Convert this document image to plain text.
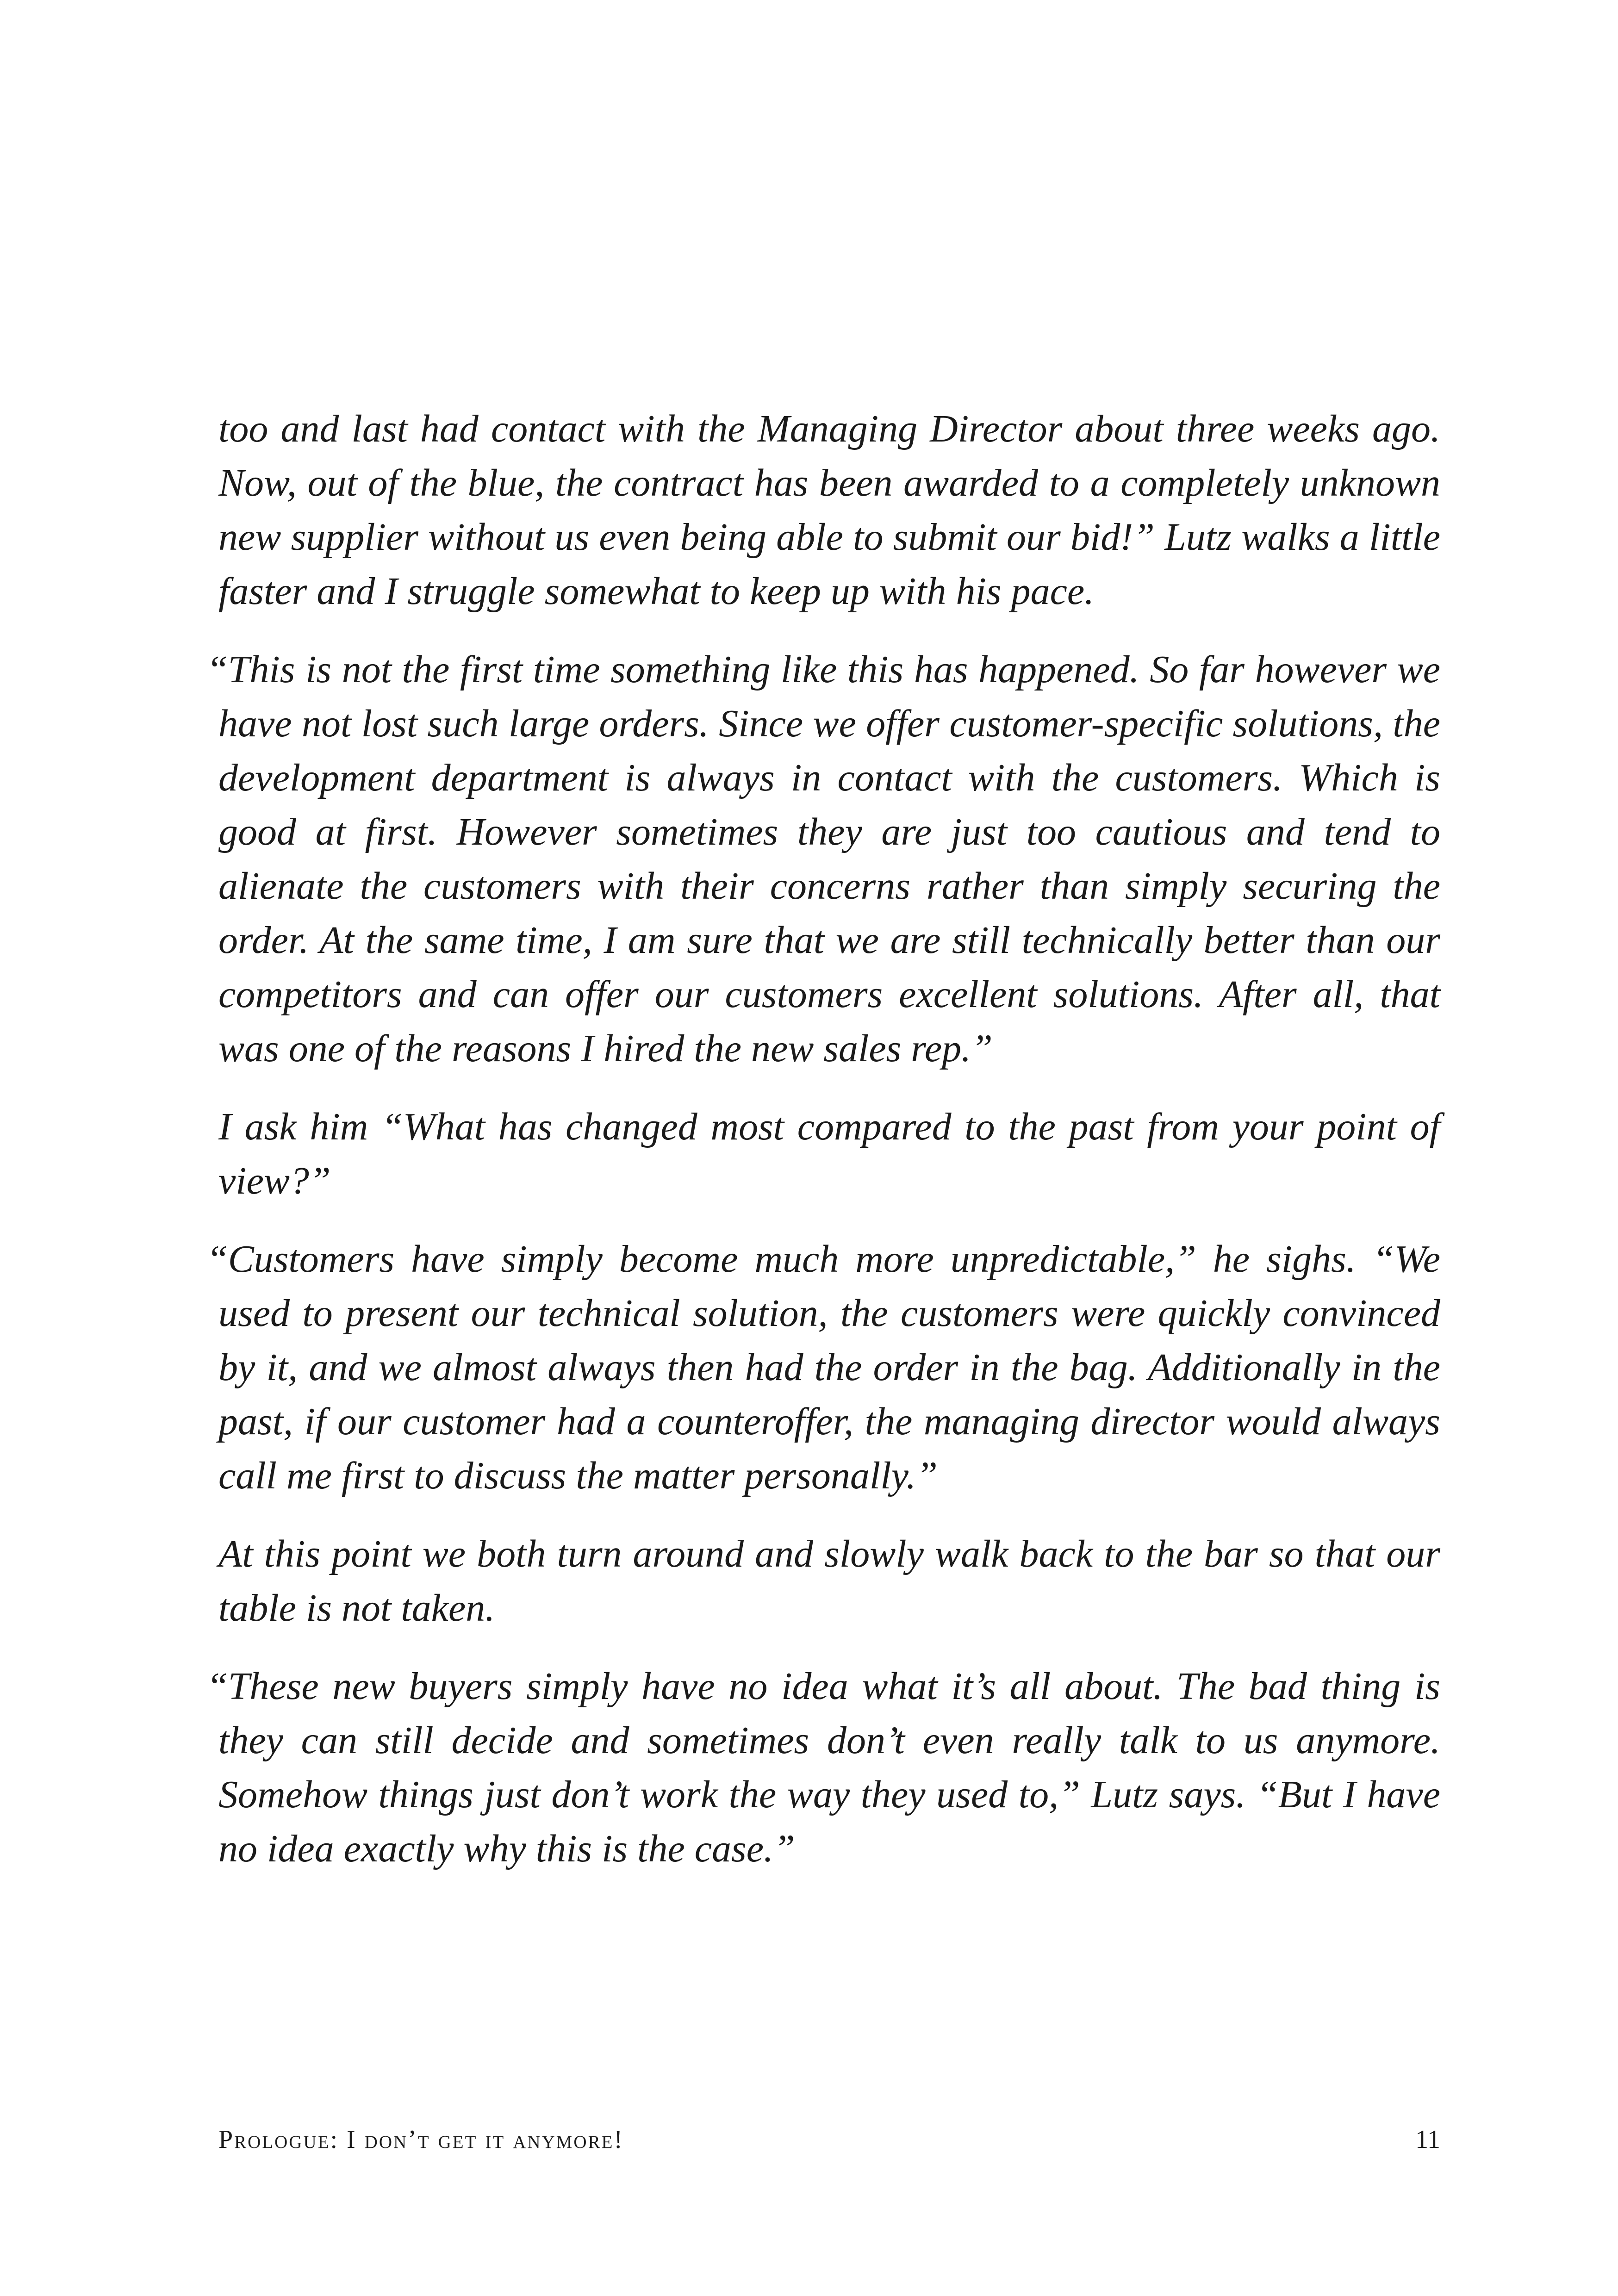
too and last had contact with the Managing Director about three weeks ago. Now, out of the blue, the contract has been awarded to a completely unknown new supplier without us even being able to submit our bid!” Lutz walks a little faster and I struggle somewhat to keep up with his pace.

“This is not the first time something like this has happened. So far however we have not lost such large orders. Since we offer customer-specific solutions, the development department is always in contact with the customers. Which is good at first. However sometimes they are just too cautious and tend to alienate the customers with their concerns rather than simply securing the order. At the same time, I am sure that we are still technically better than our competitors and can offer our customers excellent solutions. After all, that was one of the reasons I hired the new sales rep.”

I ask him “What has changed most compared to the past from your point of view?”

“Customers have simply become much more unpredictable,” he sighs. “We used to present our technical solution, the customers were quickly convinced by it, and we almost always then had the order in the bag. Additionally in the past, if our customer had a counteroffer, the managing director would always call me first to discuss the matter personally.”

At this point we both turn around and slowly walk back to the bar so that our table is not taken.

“These new buyers simply have no idea what it’s all about. The bad thing is they can still decide and sometimes don’t even really talk to us anymore. Somehow things just don’t work the way they used to,” Lutz says. “But I have no idea exactly why this is the case.”

Prologue: I don’t get it anymore!	11
